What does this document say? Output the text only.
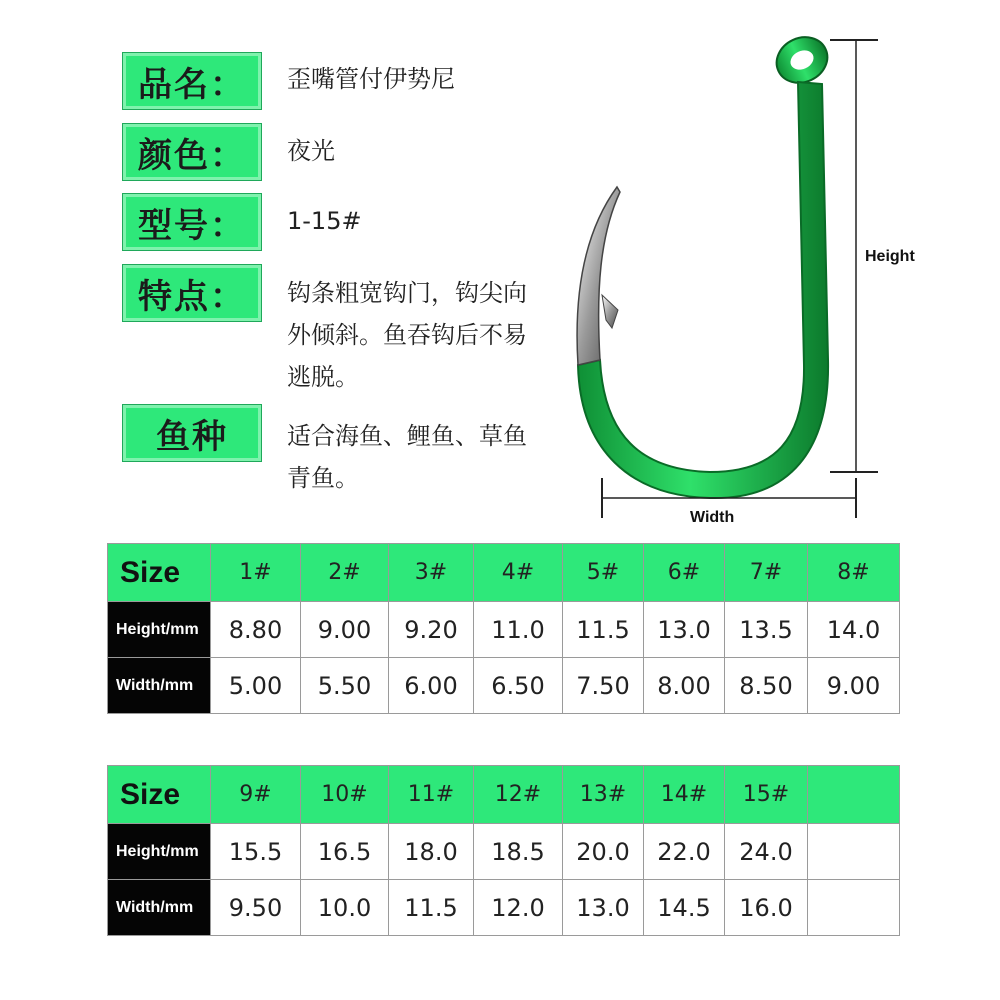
品名：	歪嘴管付伊势尼
颜色：	夜光
型号：	1-15#
特点：	钩条粗宽钩门，钩尖向
外倾斜。鱼吞钩后不易
逃脱。
鱼种	适合海鱼、鲤鱼、草鱼
青鱼。
Height
Width
Size	1#	2#	3#	4#	5#	6#	7#	8#
Height/mm	8.80	9.00	9.20	11.0	11.5	13.0	13.5	14.0
Width/mm	5.00	5.50	6.00	6.50	7.50	8.00	8.50	9.00
Size	9#	10#	11#	12#	13#	14#	15#	
Height/mm	15.5	16.5	18.0	18.5	20.0	22.0	24.0	
Width/mm	9.50	10.0	11.5	12.0	13.0	14.5	16.0	
